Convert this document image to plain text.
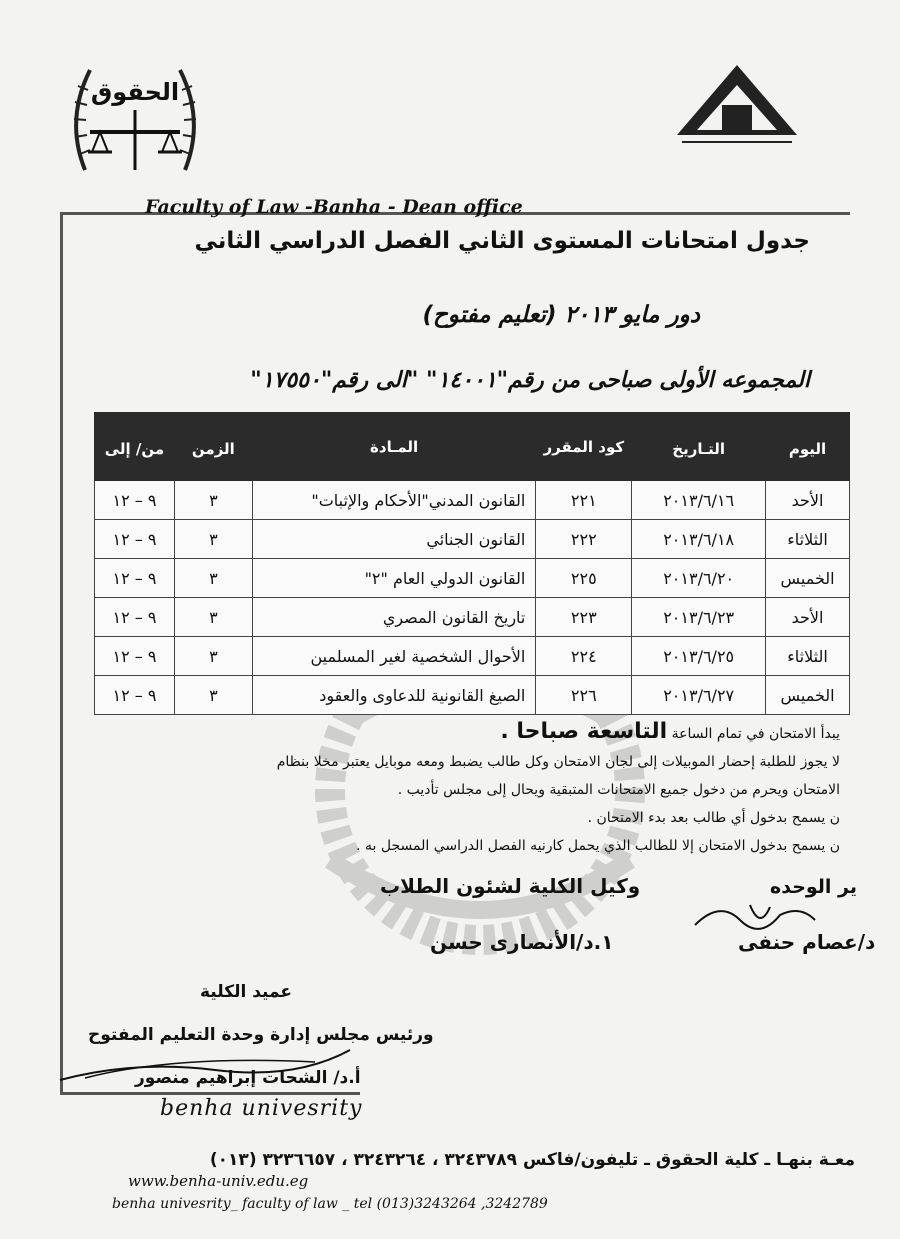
الحقوق
Faculty of Law -Banha - Dean office
جدول امتحانات المستوى الثاني الفصل الدراسي الثاني
دور مايو ٢٠١٣ (تعليم مفتوح)
المجموعه الأولى صباحى من رقم"١٤٠٠١" "الى رقم"١٧٥٥٠"
اليوم	التـاريخ	كود المقرر	المـادة	الزمن	من/ إلى
الأحد	٢٠١٣/٦/١٦	٢٢١	القانون المدني"الأحكام والإثبات"	٣	٩ – ١٢
الثلاثاء	٢٠١٣/٦/١٨	٢٢٢	القانون الجنائي	٣	٩ – ١٢
الخميس	٢٠١٣/٦/٢٠	٢٢٥	القانون الدولي العام "٢"	٣	٩ – ١٢
الأحد	٢٠١٣/٦/٢٣	٢٢٣	تاريخ القانون المصري	٣	٩ – ١٢
الثلاثاء	٢٠١٣/٦/٢٥	٢٢٤	الأحوال الشخصية لغير المسلمين	٣	٩ – ١٢
الخميس	٢٠١٣/٦/٢٧	٢٢٦	الصيغ القانونية للدعاوى والعقود	٣	٩ – ١٢
يبدأ الامتحان في تمام الساعة التاسعة صباحا .
لا يجوز للطلبة إحضار الموبيلات إلى لجان الامتحان وكل طالب يضبط ومعه موبايل يعتبر مخلا بنظام
الامتحان ويحرم من دخول جميع الامتحانات المتبقية ويحال إلى مجلس تأديب .
ن يسمح بدخول أي طالب بعد بدء الامتحان .
ن يسمح بدخول الامتحان إلا للطالب الذي يحمل كارنيه الفصل الدراسي المسجل به .
وكيل الكلية لشئون الطلاب
١.د/الأنصارى حسن
ير الوحده
د/عصام حنفى
عميد الكلية
ورئيس مجلس إدارة وحدة التعليم المفتوح
أ.د/ الشحات إبراهيم منصور
benha univesrity
معـة بنهـا ـ كلية الحقوق ـ تليفون/فاكس ٣٢٤٣٧٨٩ ، ٣٢٤٣٢٦٤ ، ٣٢٣٦٦٥٧ (٠١٣)
www.benha-univ.edu.eg
benha univesrity_ faculty of law _ tel (013)3243264 ,3242789
